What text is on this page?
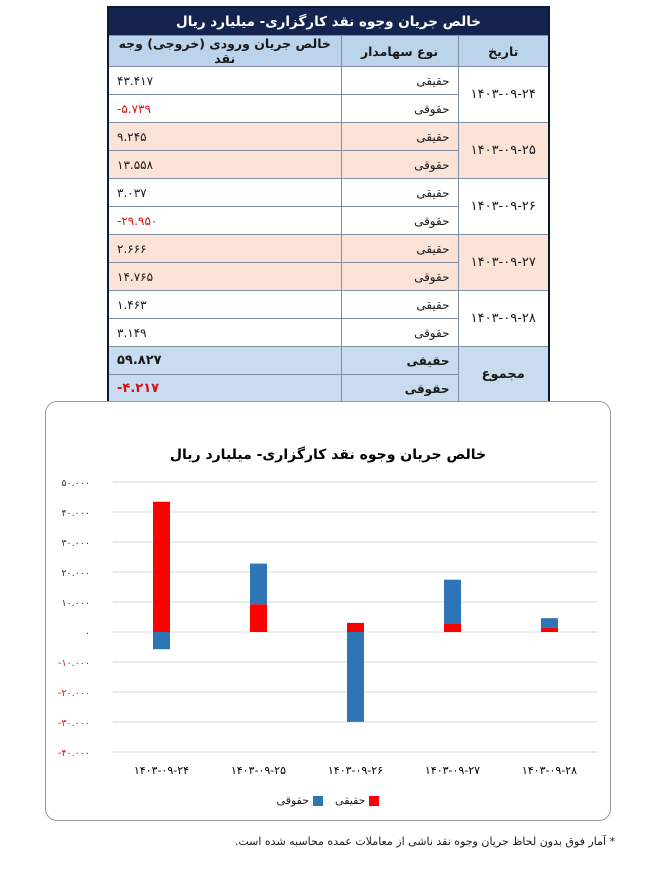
خالص جریان وجوه نقد کارگزاری- میلیارد ریال		
تاریخ	نوع سهامدار	خالص جریان ورودی (خروجی) وجه نقد
۱۴۰۳-۰۹-۲۴	حقیقی	۴۳.۴۱۷
	حقوقی	-۵.۷۳۹
۱۴۰۳-۰۹-۲۵	حقیقی	۹.۲۴۵
	حقوقی	۱۳.۵۵۸
۱۴۰۳-۰۹-۲۶	حقیقی	۳.۰۳۷
	حقوقی	-۲۹.۹۵۰
۱۴۰۳-۰۹-۲۷	حقیقی	۲.۶۶۶
	حقوقی	۱۴.۷۶۵
۱۴۰۳-۰۹-۲۸	حقیقی	۱.۴۶۳
	حقوقی	۳.۱۴۹
مجموع	حقیقی	۵۹.۸۲۷
	حقوقی	-۴.۲۱۷
خالص جریان وجوه نقد کارگزاری- میلیارد ریال
۵۰.۰۰۰
۴۰.۰۰۰
۳۰.۰۰۰
۲۰.۰۰۰
۱۰.۰۰۰
۰
-۱۰.۰۰۰
-۲۰.۰۰۰
-۳۰.۰۰۰
-۴۰.۰۰۰
۱۴۰۳-۰۹-۲۴	۱۴۰۳-۰۹-۲۵	۱۴۰۳-۰۹-۲۶	۱۴۰۳-۰۹-۲۷	۱۴۰۳-۰۹-۲۸
حقیقی
حقوقی
* آمار فوق بدون لحاظ جریان وجوه نقد ناشی از معاملات عمده محاسبه شده است.
